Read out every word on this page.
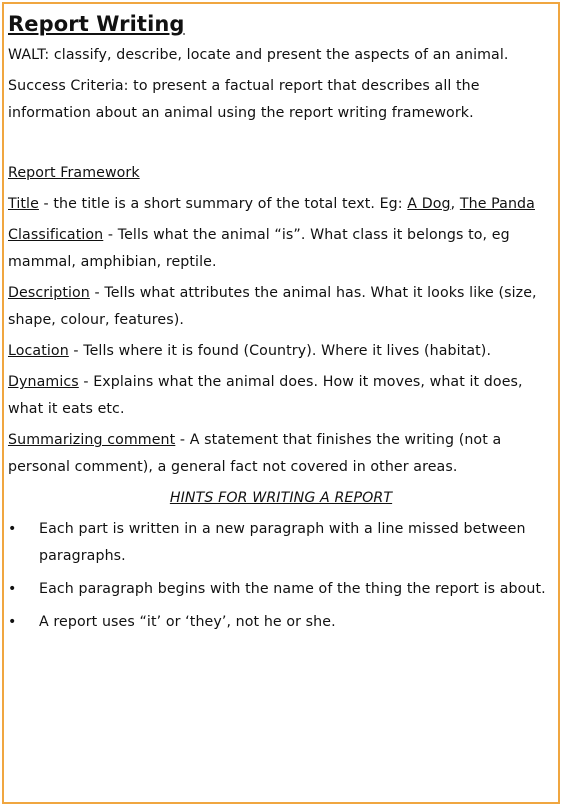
Report Writing

WALT: classify, describe, locate and present the aspects of an animal.

Success Criteria: to present a factual report that describes all the information about an animal using the report writing framework.

Report Framework

Title - the title is a short summary of the total text. Eg: A Dog, The Panda

Classification - Tells what the animal “is”. What class it belongs to, eg mammal, amphibian, reptile.

Description - Tells what attributes the animal has. What it looks like (size, shape, colour, features).

Location - Tells where it is found (Country). Where it lives (habitat).

Dynamics - Explains what the animal does. How it moves, what it does, what it eats etc.

Summarizing comment - A statement that finishes the writing (not a personal comment), a general fact not covered in other areas.

HINTS FOR WRITING A REPORT
•	Each part is written in a new paragraph with a line missed between paragraphs.
•	Each paragraph begins with the name of the thing the report is about.
•	A report uses “it’ or ‘they’, not he or she.
